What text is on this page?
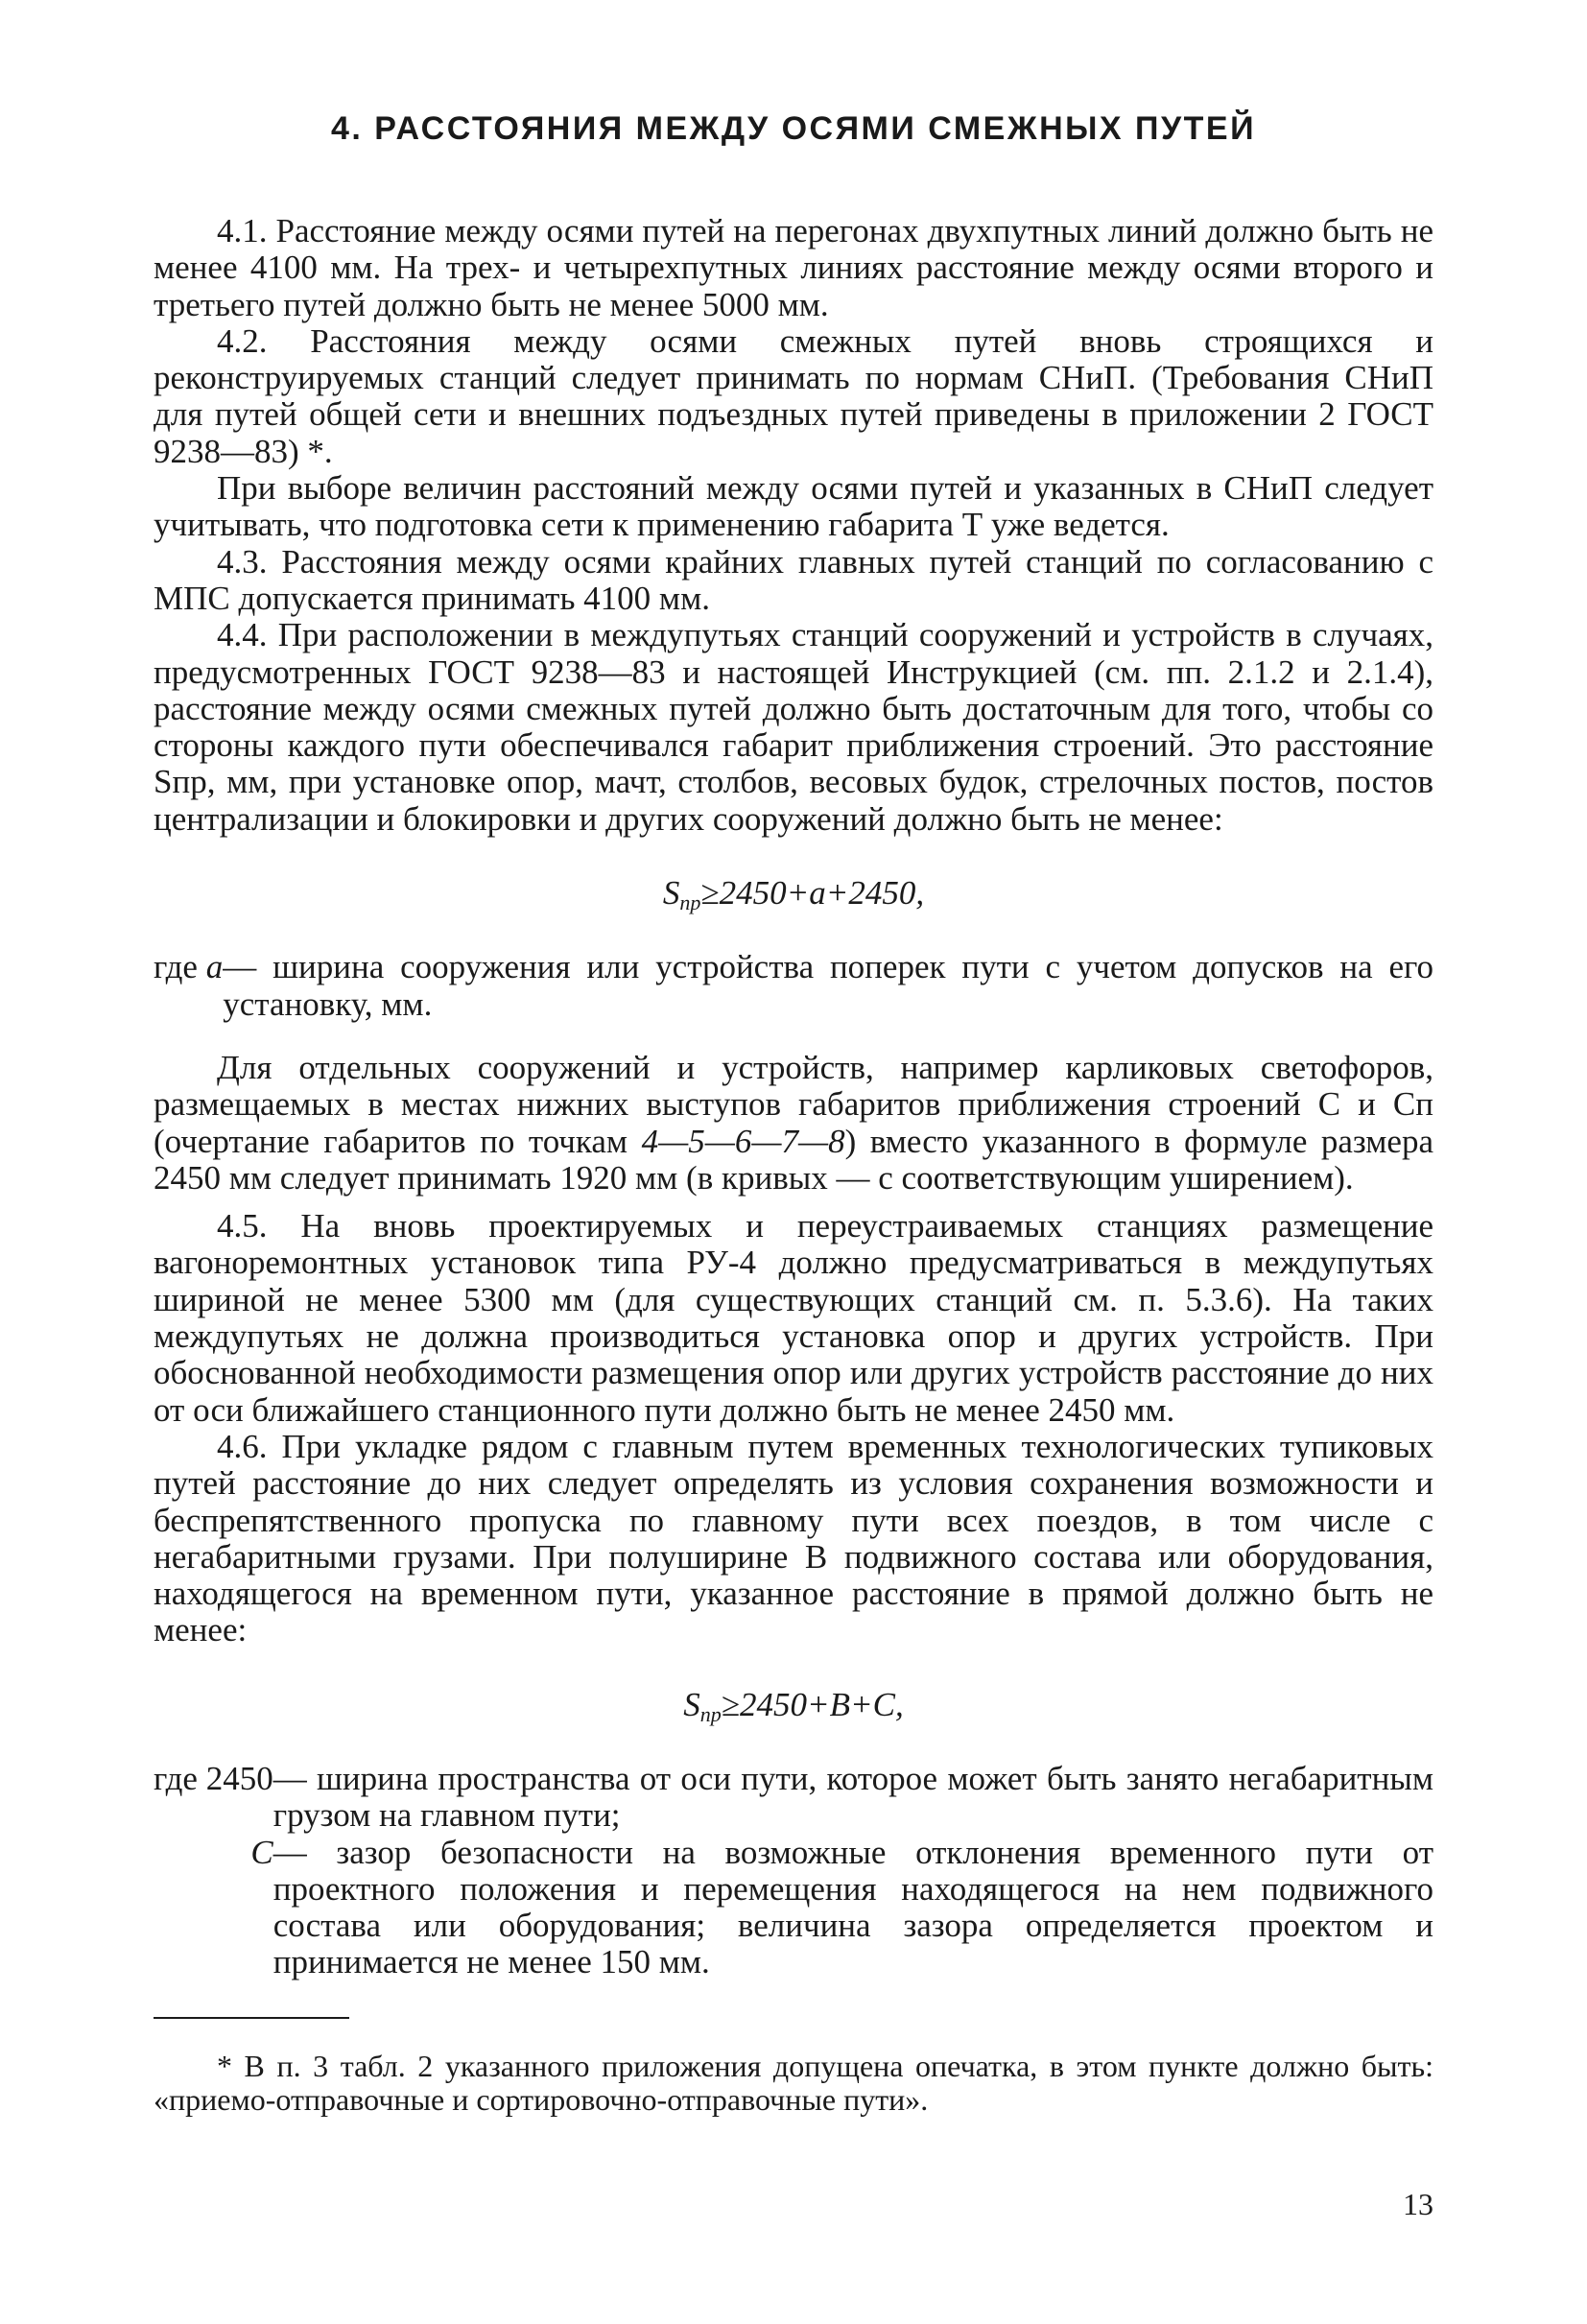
4. РАССТОЯНИЯ МЕЖДУ ОСЯМИ СМЕЖНЫХ ПУТЕЙ

4.1. Расстояние между осями путей на перегонах двухпутных линий должно быть не менее 4100 мм. На трех- и четырехпутных линиях расстояние между осями второго и третьего путей должно быть не менее 5000 мм.

4.2. Расстояния между осями смежных путей вновь строящихся и реконструируемых станций следует принимать по нормам СНиП. (Требования СНиП для путей общей сети и внешних подъездных путей приведены в приложении 2 ГОСТ 9238—83) *.

При выборе величин расстояний между осями путей и указанных в СНиП следует учитывать, что подготовка сети к применению габарита Т уже ведется.

4.3. Расстояния между осями крайних главных путей станций по согласованию с МПС допускается принимать 4100 мм.

4.4. При расположении в междупутьях станций сооружений и устройств в случаях, предусмотренных ГОСТ 9238—83 и настоящей Инструкцией (см. пп. 2.1.2 и 2.1.4), расстояние между осями смежных путей должно быть достаточным для того, чтобы со стороны каждого пути обеспечивался габарит приближения строений. Это расстояние Sпр, мм, при установке опор, мачт, столбов, весовых будок, стрелочных постов, постов централизации и блокировки и других сооружений должно быть не менее:

$S_{пр}\ge 2450+a+2450$,
где a — ширина сооружения или устройства поперек пути с учетом допусков на его установку, мм.

Для отдельных сооружений и устройств, например карликовых светофоров, размещаемых в местах нижних выступов габаритов приближения строений С и Сп (очертание габаритов по точкам 4—5—6—7—8) вместо указанного в формуле размера 2450 мм следует принимать 1920 мм (в кривых — с соответствующим уширением).

4.5. На вновь проектируемых и переустраиваемых станциях размещение вагоноремонтных установок типа РУ-4 должно предусматриваться в междупутьях шириной не менее 5300 мм (для существующих станций см. п. 5.3.6). На таких междупутьях не должна производиться установка опор и других устройств. При обоснованной необходимости размещения опор или других устройств расстояние до них от оси ближайшего станционного пути должно быть не менее 2450 мм.

4.6. При укладке рядом с главным путем временных технологических тупиковых путей расстояние до них следует определять из условия сохранения возможности и беспрепятственного пропуска по главному пути всех поездов, в том числе с негабаритными грузами. При полуширине В подвижного состава или оборудования, находящегося на временном пути, указанное расстояние в прямой должно быть не менее:

$S_{пр}\ge 2450+B+C$,
где 2450 — ширина пространства от оси пути, которое может быть занято негабаритным грузом на главном пути;
C — зазор безопасности на возможные отклонения временного пути от проектного положения и перемещения находящегося на нем подвижного состава или оборудования; величина зазора определяется проектом и принимается не менее 150 мм.

* В п. 3 табл. 2 указанного приложения допущена опечатка, в этом пункте должно быть: «приемо-отправочные и сортировочно-отправочные пути».

13
